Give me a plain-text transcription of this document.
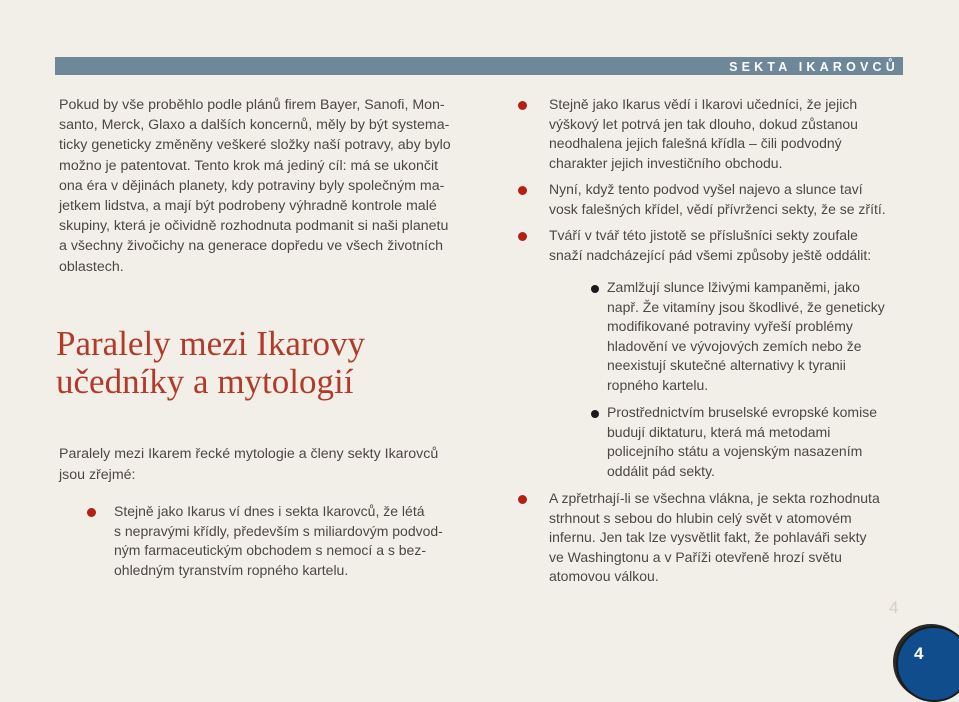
SEKTA IKAROVCŮ

Pokud by vše proběhlo podle plánů firem Bayer, Sanofi, Mon-
santo, Merck, Glaxo a dalších koncernů, měly by být systema-
ticky geneticky změněny veškeré složky naší potravy, aby bylo
možno je patentovat. Tento krok má jediný cíl: má se ukončit
ona éra v dějinách planety, kdy potraviny byly společným ma-
jetkem lidstva, a mají být podrobeny výhradně kontrole malé
skupiny, která je očividně rozhodnuta podmanit si naši planetu
a všechny živočichy na generace dopředu ve všech životních
oblastech.

Paralely mezi Ikarovy
učedníky a mytologií

Paralely mezi Ikarem řecké mytologie a členy sekty Ikarovců
jsou zřejmé:

Stejně jako Ikarus ví dnes i sekta Ikarovců, že létá
s nepravými křídly, především s miliardovým podvod-
ným farmaceutickým obchodem s nemocí a s bez-
ohledným tyranstvím ropného kartelu.
Stejně jako Ikarus vědí i Ikarovi učedníci, že jejich
výškový let potrvá jen tak dlouho, dokud zůstanou
neodhalena jejich falešná křídla – čili podvodný
charakter jejich investičního obchodu.
Nyní, když tento podvod vyšel najevo a slunce taví
vosk falešných křídel, vědí přívrženci sekty, že se zřítí.
Tváří v tvář této jistotě se příslušníci sekty zoufale
snaží nadcházející pád všemi způsoby ještě oddálit:
Zamlžují slunce lživými kampaněmi, jako
např. Že vitamíny jsou škodlivé, že geneticky
modifikované potraviny vyřeší problémy
hladovění ve vývojových zemích nebo že
neexistují skutečné alternativy k tyranii
ropného kartelu.
Prostřednictvím bruselské evropské komise
budují diktaturu, která má metodami
policejního státu a vojenským nasazením
oddálit pád sekty.
A zpřetrhají-li se všechna vlákna, je sekta rozhodnuta
strhnout s sebou do hlubin celý svět v atomovém
infernu. Jen tak lze vysvětlit fakt, že pohlaváři sekty
ve Washingtonu a v Paříži otevřeně hrozí světu
atomovou válkou.
4
4
